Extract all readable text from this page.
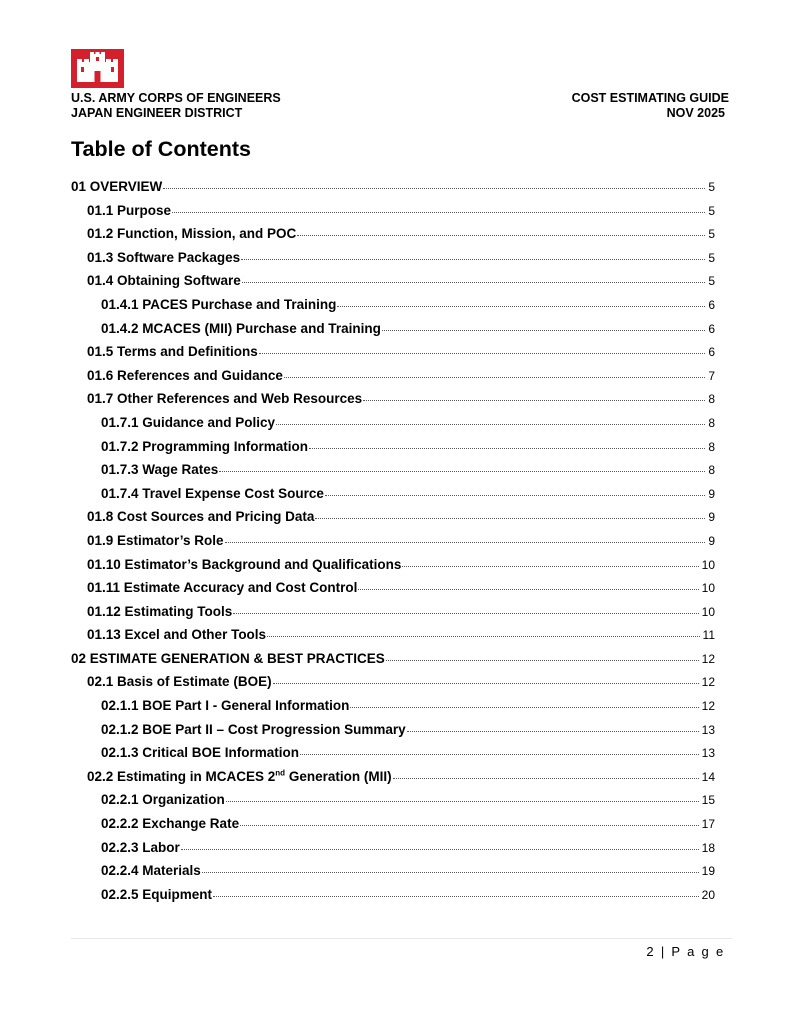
U.S. ARMY CORPS OF ENGINEERS
JAPAN ENGINEER DISTRICT
COST ESTIMATING GUIDE
NOV 2025
Table of Contents
01 OVERVIEW	5
01.1 Purpose	5
01.2 Function, Mission, and POC	5
01.3 Software Packages	5
01.4 Obtaining Software	5
01.4.1 PACES Purchase and Training	6
01.4.2 MCACES (MII) Purchase and Training	6
01.5 Terms and Definitions	6
01.6 References and Guidance	7
01.7 Other References and Web Resources	8
01.7.1 Guidance and Policy	8
01.7.2 Programming Information	8
01.7.3 Wage Rates	8
01.7.4 Travel Expense Cost Source	9
01.8 Cost Sources and Pricing Data	9
01.9 Estimator’s Role	9
01.10 Estimator’s Background and Qualifications	10
01.11 Estimate Accuracy and Cost Control	10
01.12 Estimating Tools	10
01.13 Excel and Other Tools	11
02 ESTIMATE GENERATION & BEST PRACTICES	12
02.1 Basis of Estimate (BOE)	12
02.1.1 BOE Part I - General Information	12
02.1.2 BOE Part II – Cost Progression Summary	13
02.1.3 Critical BOE Information	13
02.2 Estimating in MCACES 2nd Generation (MII)	14
02.2.1 Organization	15
02.2.2 Exchange Rate	17
02.2.3 Labor	18
02.2.4 Materials	19
02.2.5 Equipment	20
2 | P a g e
